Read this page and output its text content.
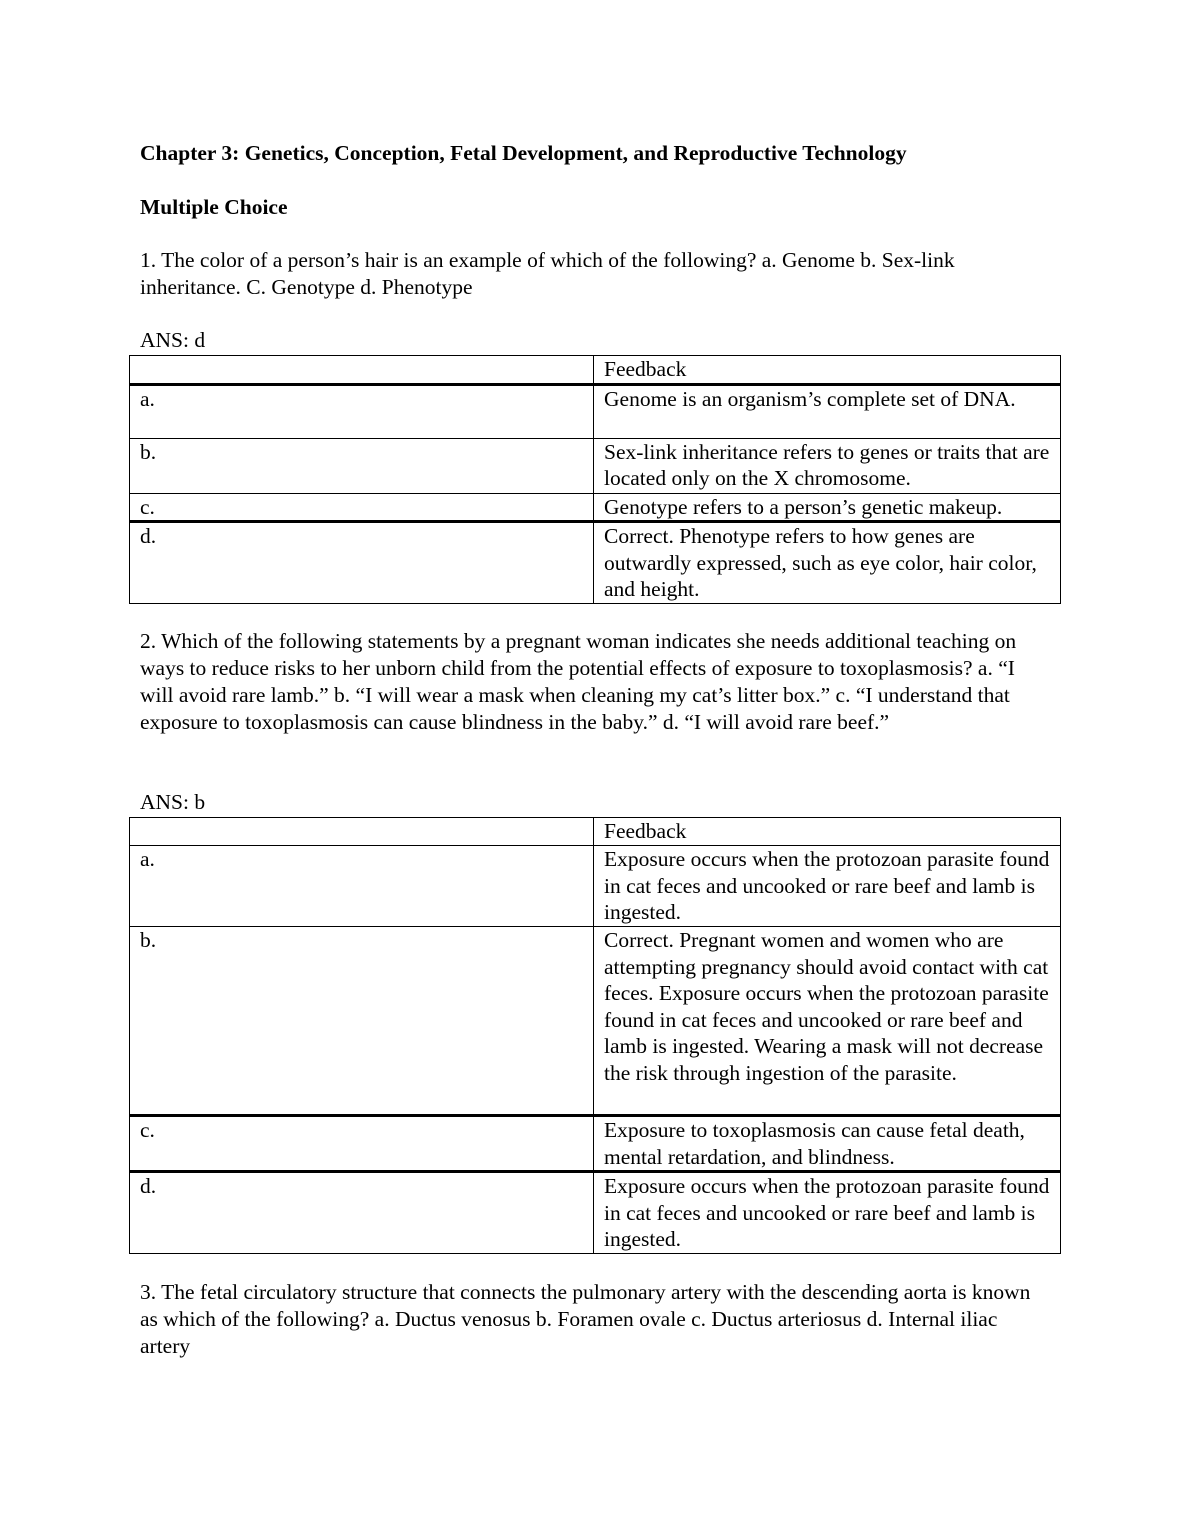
Chapter 3: Genetics, Conception, Fetal Development, and Reproductive Technology
Multiple Choice
1. The color of a person’s hair is an example of which of the following? a. Genome b. Sex-link inheritance. C. Genotype d. Phenotype
ANS: d
	Feedback
a.	Genome is an organism’s complete set of DNA.
b.	Sex-link inheritance refers to genes or traits that are located only on the X chromosome.
c.	Genotype refers to a person’s genetic makeup.
d.	Correct. Phenotype refers to how genes are outwardly expressed, such as eye color, hair color, and height.
2. Which of the following statements by a pregnant woman indicates she needs additional teaching on ways to reduce risks to her unborn child from the potential effects of exposure to toxoplasmosis? a. “I will avoid rare lamb.” b. “I will wear a mask when cleaning my cat’s litter box.” c. “I understand that exposure to toxoplasmosis can cause blindness in the baby.” d. “I will avoid rare beef.”
ANS: b
	Feedback
a.	Exposure occurs when the protozoan parasite found in cat feces and uncooked or rare beef and lamb is ingested.
b.	Correct. Pregnant women and women who are attempting pregnancy should avoid contact with cat feces. Exposure occurs when the protozoan parasite found in cat feces and uncooked or rare beef and lamb is ingested. Wearing a mask will not decrease the risk through ingestion of the parasite.
c.	Exposure to toxoplasmosis can cause fetal death, mental retardation, and blindness.
d.	Exposure occurs when the protozoan parasite found in cat feces and uncooked or rare beef and lamb is ingested.
3. The fetal circulatory structure that connects the pulmonary artery with the descending aorta is known as which of the following? a. Ductus venosus b. Foramen ovale c. Ductus arteriosus d. Internal iliac artery
